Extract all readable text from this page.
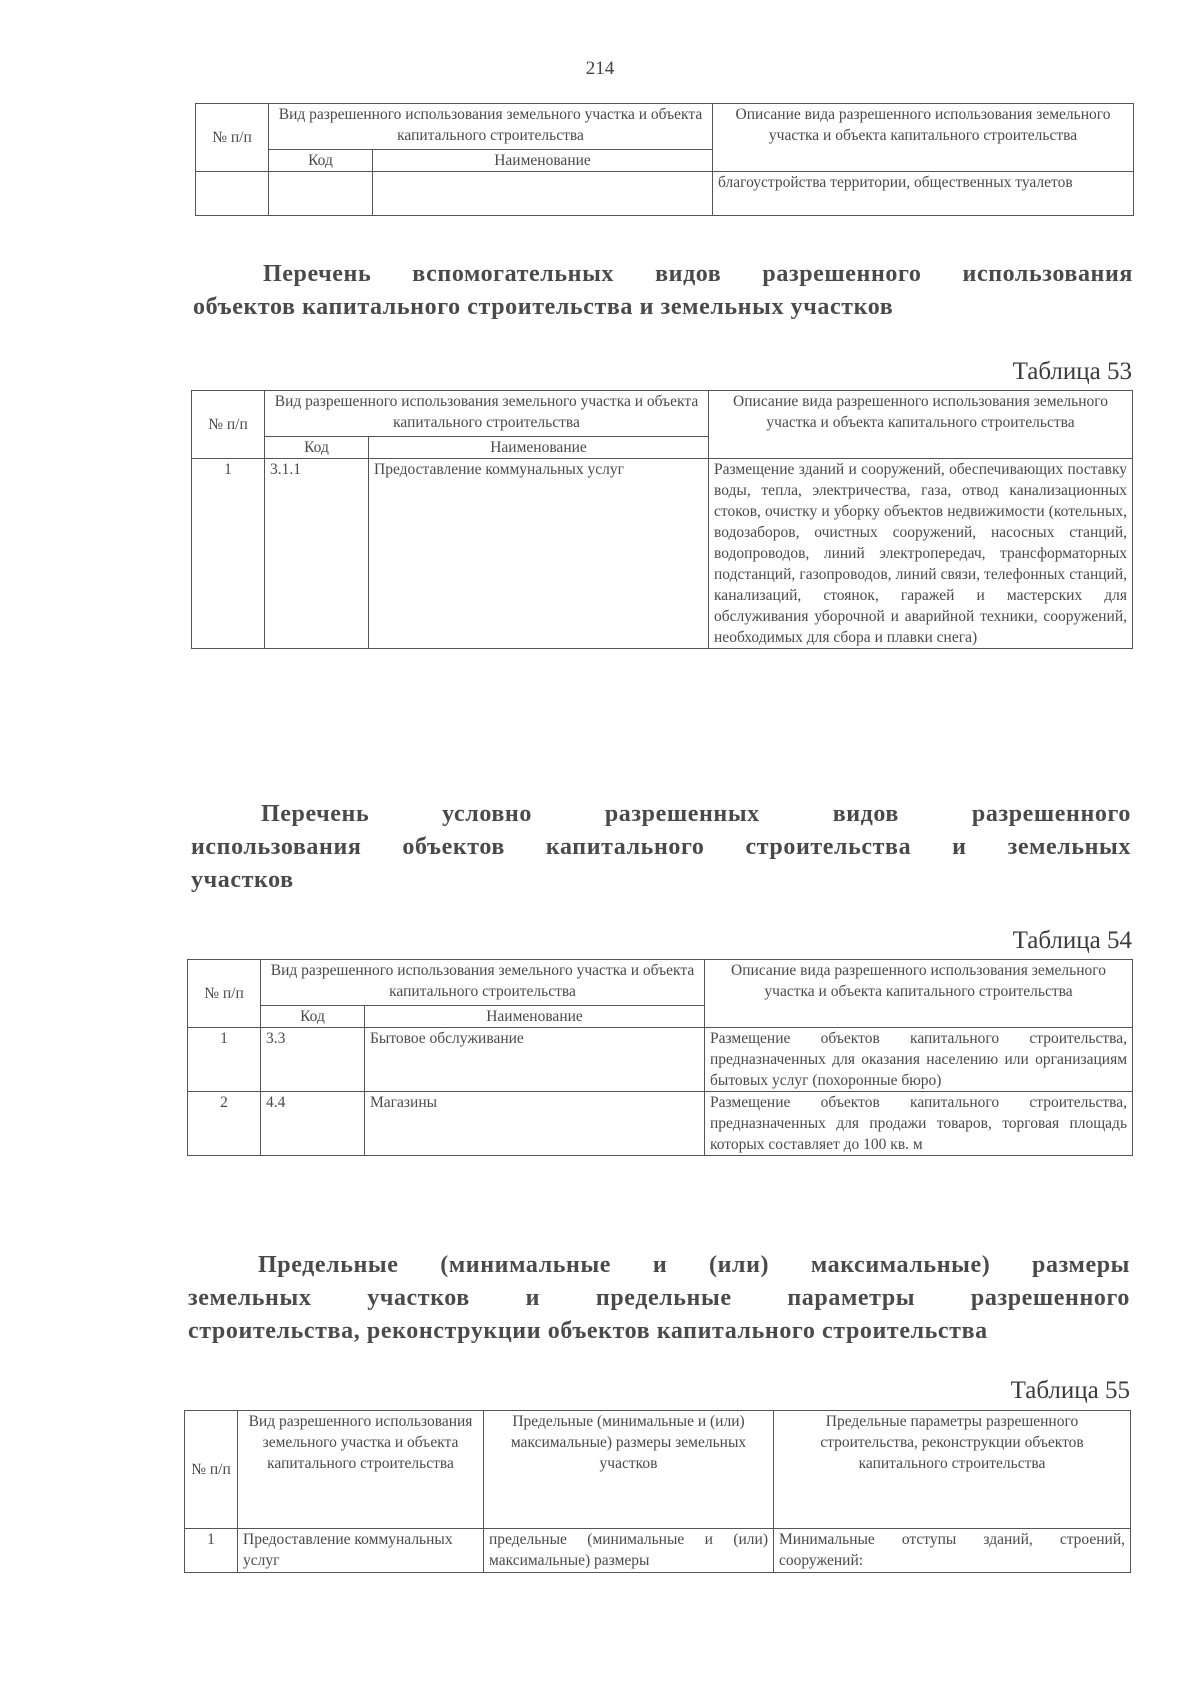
214
№ п/п	Вид разрешенного использования земельного участка и объекта капитального строительства		Описание вида разрешенного использования земельного участка и объекта капитального строительства
	Код	Наименование	
			благоустройства территории, общественных туалетов

Перечень вспомогательных видов разрешенного использования

объектов капитального строительства и земельных участков

Таблица 53
№ п/п	Вид разрешенного использования земельного участка и объекта капитального строительства		Описание вида разрешенного использования земельного участка и объекта капитального строительства
	Код	Наименование	
1	3.1.1	Предоставление коммунальных услуг	Размещение зданий и сооружений, обеспечивающих поставку воды, тепла, электричества, газа, отвод канализационных стоков, очистку и уборку объектов недвижимости (котельных, водозаборов, очистных сооружений, насосных станций, водопроводов, линий электропередач, трансформаторных подстанций, газопроводов, линий связи, телефонных станций, канализаций, стоянок, гаражей и мастерских для обслуживания уборочной и аварийной техники, сооружений, необходимых для сбора и плавки снега)

Перечень условно разрешенных видов разрешенного

использования объектов капитального строительства и земельных

участков

Таблица 54
№ п/п	Вид разрешенного использования земельного участка и объекта капитального строительства		Описание вида разрешенного использования земельного участка и объекта капитального строительства
	Код	Наименование	
1	3.3	Бытовое обслуживание	Размещение объектов капитального строительства, предназначенных для оказания населению или организациям бытовых услуг (похоронные бюро)
2	4.4	Магазины	Размещение объектов капитального строительства, предназначенных для продажи товаров, торговая площадь которых составляет до 100 кв. м

Предельные (минимальные и (или) максимальные) размеры

земельных участков и предельные параметры разрешенного

строительства, реконструкции объектов капитального строительства

Таблица 55
№ п/п	Вид разрешенного использования земельного участка и объекта капитального строительства	Предельные (минимальные и (или) максимальные) размеры земельных участков	Предельные параметры разрешенного строительства, реконструкции объектов капитального строительства
1	Предоставление коммунальных услуг	предельные (минимальные и (или) максимальные) размеры	Минимальные отступы зданий, строений, сооружений:
